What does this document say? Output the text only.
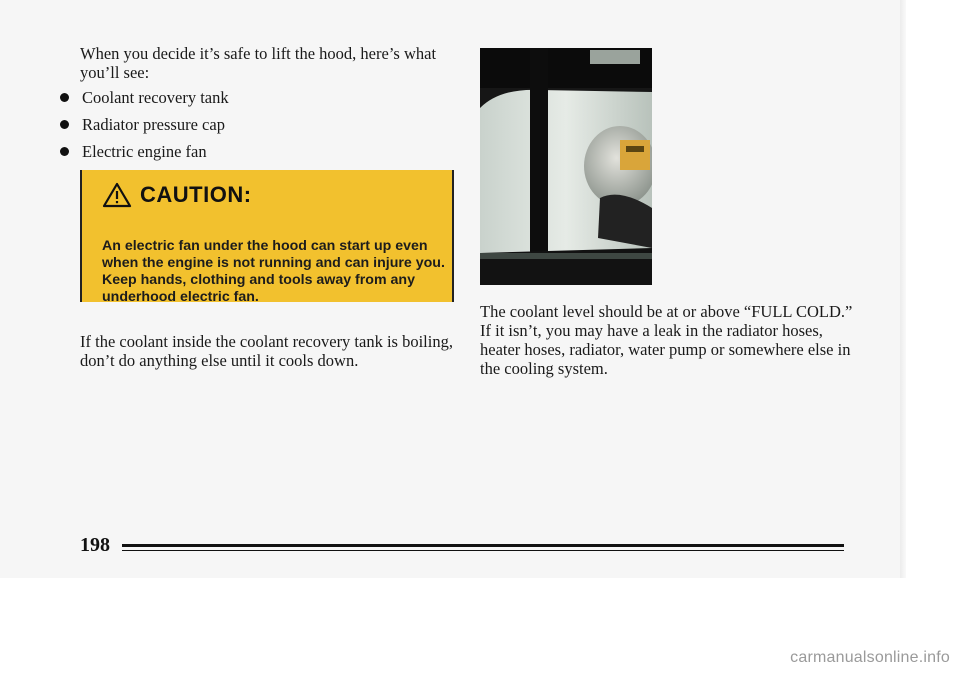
When you decide it’s safe to lift the hood, here’s what you’ll see:

Coolant recovery tank
Radiator pressure cap
Electric engine fan
CAUTION:

An electric fan under the hood can start up even when the engine is not running and can injure you. Keep hands, clothing and tools away from any underhood electric fan.

If the coolant inside the coolant recovery tank is boiling, don’t do anything else until it cools down.

The coolant level should be at or above “FULL COLD.” If it isn’t, you may have a leak in the radiator hoses, heater hoses, radiator, water pump or somewhere else in the cooling system.

198
carmanualsonline.info
